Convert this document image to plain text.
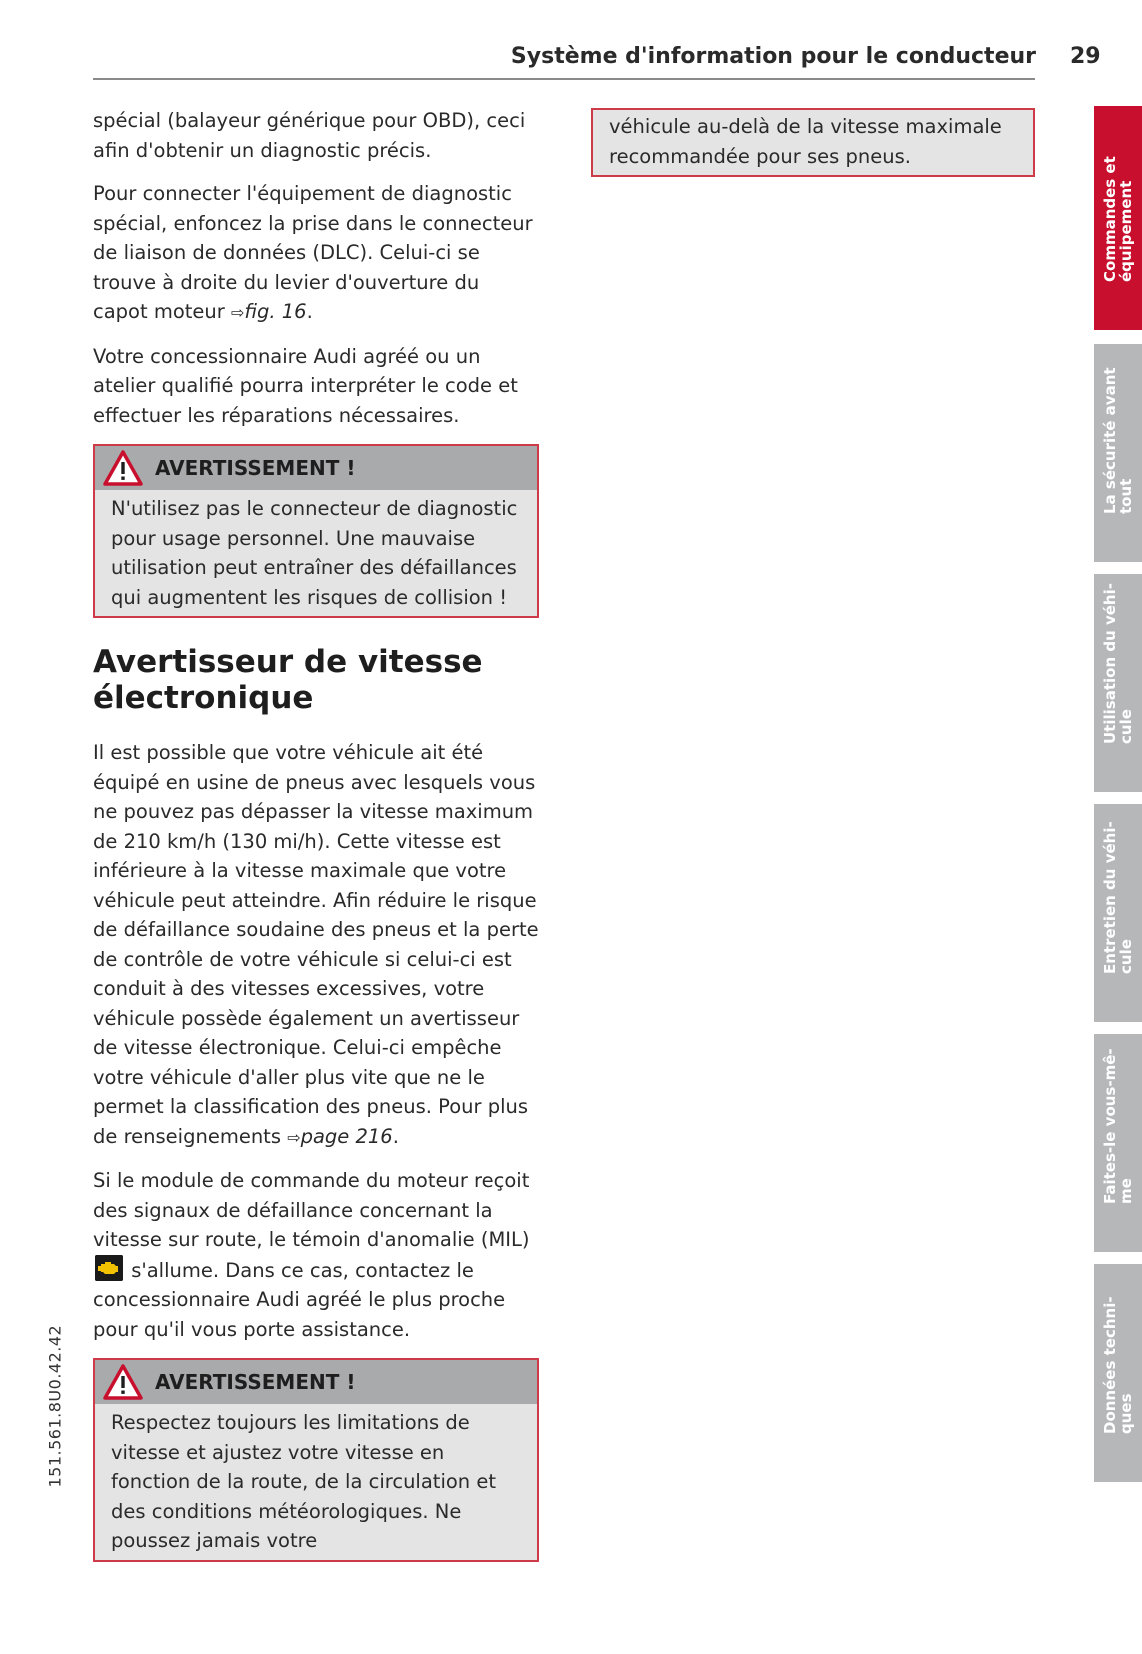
Système d'information pour le conducteur 29

spécial (balayeur générique pour OBD), ceci afin d'obtenir un diagnostic précis.

Pour connecter l'équipement de diagnostic spécial, enfoncez la prise dans le connecteur de liaison de données (DLC). Celui-ci se trouve à droite du levier d'ouverture du capot moteur ⇨fig. 16.

Votre concessionnaire Audi agréé ou un atelier qualifié pourra interpréter le code et effectuer les réparations nécessaires.

AVERTISSEMENT !
N'utilisez pas le connecteur de diagnostic pour usage personnel. Une mauvaise utilisation peut entraîner des défaillances qui augmentent les risques de collision !
Avertisseur de vitesse électronique

Il est possible que votre véhicule ait été équipé en usine de pneus avec lesquels vous ne pouvez pas dépasser la vitesse maximum de 210 km/h (130 mi/h). Cette vitesse est inférieure à la vitesse maximale que votre véhicule peut atteindre. Afin réduire le risque de défaillance soudaine des pneus et la perte de contrôle de votre véhicule si celui-ci est conduit à des vitesses excessives, votre véhicule possède également un avertisseur de vitesse électronique. Celui-ci empêche votre véhicule d'aller plus vite que ne le permet la classification des pneus. Pour plus de renseignements ⇨page 216.

Si le module de commande du moteur reçoit des signaux de défaillance concernant la vitesse sur route, le témoin d'anomalie (MIL)  s'allume. Dans ce cas, contactez le concessionnaire Audi agréé le plus proche pour qu'il vous porte assistance.

AVERTISSEMENT !
Respectez toujours les limitations de vitesse et ajustez votre vitesse en fonction de la route, de la circulation et des conditions météorologiques. Ne poussez jamais votre
véhicule au-delà de la vitesse maximale recommandée pour ses pneus.
151.561.8U0.42.42
Commandes et
équipement
La sécurité avant
tout
Utilisation du véhi-
cule
Entretien du véhi-
cule
Faites-le vous-mê-
me
Données techni-
ques
